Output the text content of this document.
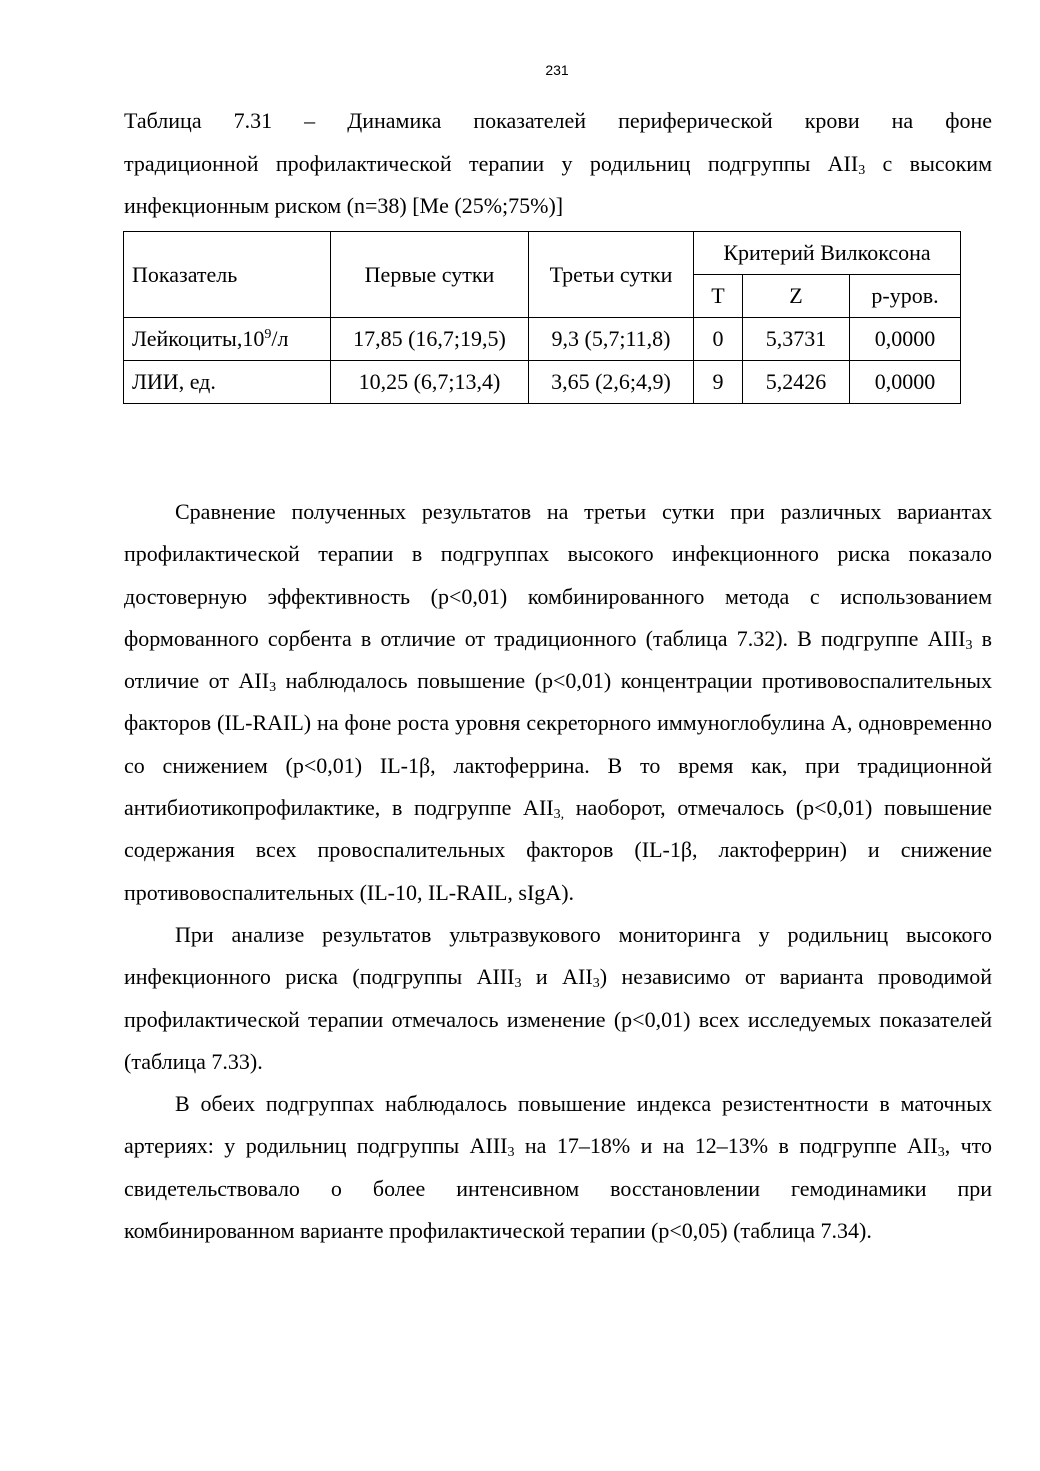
231
Таблица 7.31 – Динамика показателей периферической крови на фоне
традиционной профилактической терапии у родильниц подгруппы $AII_3$ с высоким
инфекционным риском (n=38) [Me (25%;75%)]
Показатель	Первые сутки	Третьи сутки	Критерий Вилкоксона		
			T	Z	p-уров.
$Лейкоциты,10^9/л$	17,85 (16,7;19,5)	9,3 (5,7;11,8)	0	5,3731	0,0000
ЛИИ, ед.	10,25 (6,7;13,4)	3,65 (2,6;4,9)	9	5,2426	0,0000

Сравнение полученных результатов на третьи сутки при различных вариантах профилактической терапии в подгруппах высокого инфекционного риска показало достоверную эффективность (p<0,01) комбинированного метода с использованием формованного сорбента в отличие от традиционного (таблица 7.32). В подгруппе $AIII_3$ в отличие от $AII_3$ наблюдалось повышение (p<0,01) концентрации противовоспалительных факторов (IL-RAIL) на фоне роста уровня секреторного иммуноглобулина А, одновременно со снижением (p<0,01) IL-1β, лактоферрина. В то время как, при традиционной антибиотикопрофилактике, в подгруппе $AII_{3,}$ наоборот, отмечалось (p<0,01) повышение содержания всех провоспалительных факторов (IL-1β, лактоферрин) и снижение противовоспалительных (IL-10, IL-RAIL, sIgA).

При анализе результатов ультразвукового мониторинга у родильниц высокого инфекционного риска (подгруппы $AIII_3$ и $AII_3$) независимо от варианта проводимой профилактической терапии отмечалось изменение (p<0,01) всех исследуемых показателей (таблица 7.33).

В обеих подгруппах наблюдалось повышение индекса резистентности в маточных артериях: у родильниц подгруппы $AIII_3$ на 17–18% и на 12–13% в подгруппе $AII_3$, что свидетельствовало о более интенсивном восстановлении гемодинамики при комбинированном варианте профилактической терапии (p<0,05) (таблица 7.34).
